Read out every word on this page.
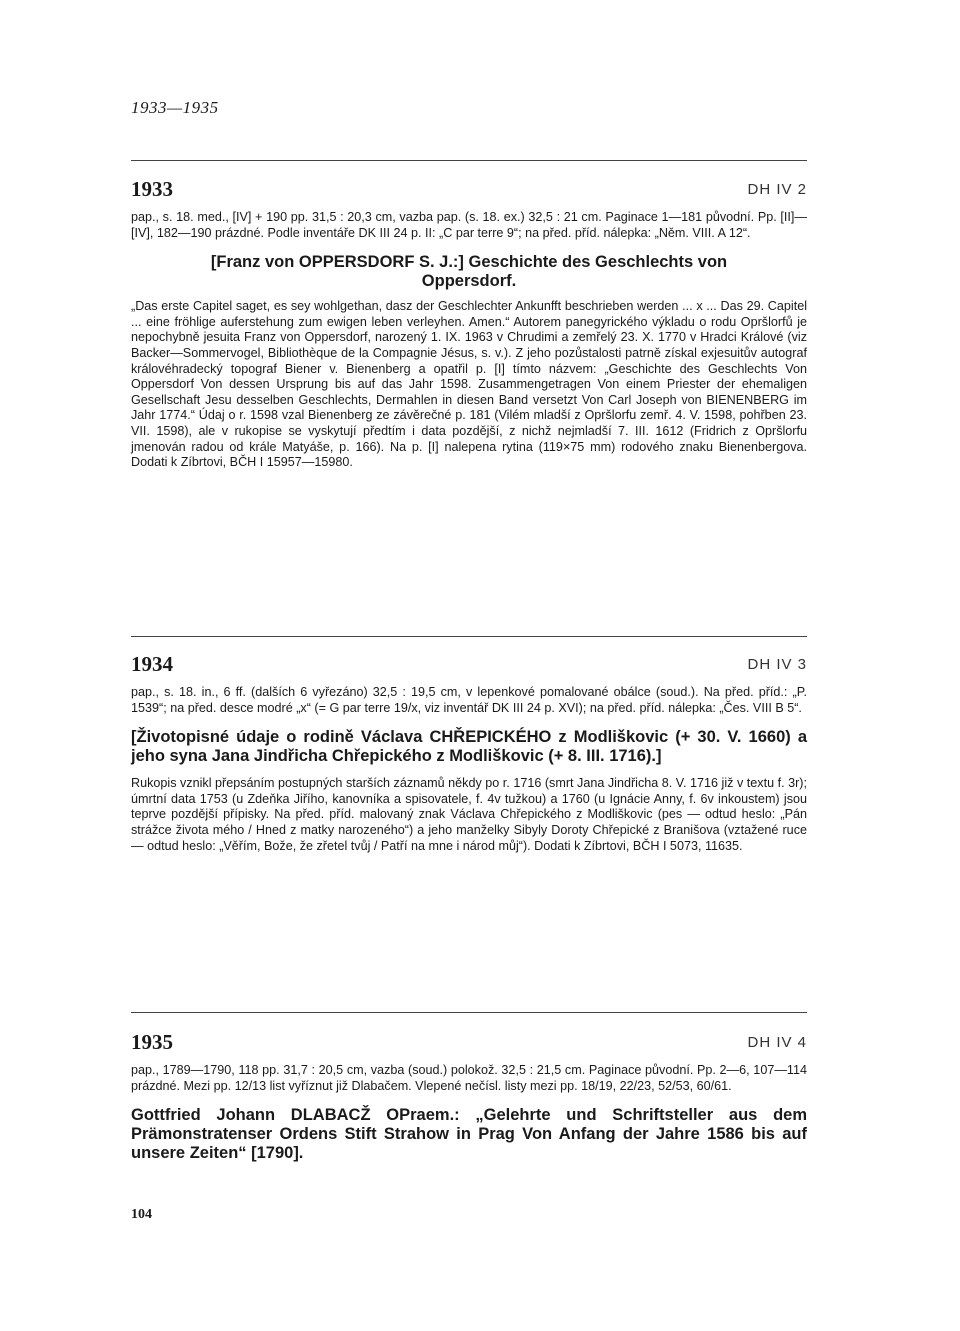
1933—1935
1933	DH IV 2

pap., s. 18. med., [IV] + 190 pp. 31,5 : 20,3 cm, vazba pap. (s. 18. ex.) 32,5 : 21 cm. Paginace 1—181 původní. Pp. [II]—[IV], 182—190 prázdné. Podle inventáře DK III 24 p. II: „C par terre 9“; na před. příd. nálepka: „Něm. VIII. A 12“.

[Franz von OPPERSDORF S. J.:] Geschichte des Geschlechts von Oppersdorf.

„Das erste Capitel saget, es sey wohlgethan, dasz der Geschlechter Ankunfft beschrieben werden ... x ... Das 29. Capitel ... eine fröhlige auferstehung zum ewigen leben verleyhen. Amen.“ Autorem panegyrického výkladu o rodu Opršlorfů je nepochybně jesuita Franz von Oppersdorf, narozený 1. IX. 1963 v Chrudimi a zemřelý 23. X. 1770 v Hradci Králové (viz Backer—Sommervogel, Bibliothèque de la Compagnie Jésus, s. v.). Z jeho pozůstalosti patrně získal exjesuitův autograf královéhradecký topograf Biener v. Bienenberg a opatřil p. [I] tímto názvem: „Geschichte des Geschlechts Von Oppersdorf Von dessen Ursprung bis auf das Jahr 1598. Zusammengetragen Von einem Priester der ehemaligen Gesellschaft Jesu desselben Geschlechts, Dermahlen in diesen Band versetzt Von Carl Joseph von BIENENBERG im Jahr 1774.“ Údaj o r. 1598 vzal Bienenberg ze závěrečné p. 181 (Vilém mladší z Opršlorfu zemř. 4. V. 1598, pohřben 23. VII. 1598), ale v rukopise se vyskytují předtím i data pozdější, z nichž nejmladší 7. III. 1612 (Fridrich z Opršlorfu jmenován radou od krále Matyáše, p. 166). Na p. [I] nalepena rytina (119×75 mm) rodového znaku Bienenbergova. Dodati k Zíbrtovi, BČH I 15957—15980.

1934	DH IV 3

pap., s. 18. in., 6 ff. (dalších 6 vyřezáno) 32,5 : 19,5 cm, v lepenkové pomalované obálce (soud.). Na před. příd.: „P. 1539“; na před. desce modré „x“ (= G par terre 19/x, viz inventář DK III 24 p. XVI); na před. příd. nálepka: „Čes. VIII B 5“.

[Životopisné údaje o rodině Václava CHŘEPICKÉHO z Modliškovic (+ 30. V. 1660) a jeho syna Jana Jindřicha Chřepického z Modliškovic (+ 8. III. 1716).]

Rukopis vznikl přepsáním postupných starších záznamů někdy po r. 1716 (smrt Jana Jindřicha 8. V. 1716 již v textu f. 3r); úmrtní data 1753 (u Zdeňka Jiřího, kanovníka a spisovatele, f. 4v tužkou) a 1760 (u Ignácie Anny, f. 6v inkoustem) jsou teprve pozdější přípisky. Na před. příd. malovaný znak Václava Chřepického z Modliškovic (pes — odtud heslo: „Pán strážce života mého / Hned z matky narozeného“) a jeho manželky Sibyly Doroty Chřepické z Branišova (vztažené ruce — odtud heslo: „Věřím, Bože, že zřetel tvůj / Patří na mne i národ můj“). Dodati k Zíbrtovi, BČH I 5073, 11635.

1935	DH IV 4

pap., 1789—1790, 118 pp. 31,7 : 20,5 cm, vazba (soud.) polokož. 32,5 : 21,5 cm. Paginace původní. Pp. 2—6, 107—114 prázdné. Mezi pp. 12/13 list vyříznut již Dlabačem. Vlepené nečísl. listy mezi pp. 18/19, 22/23, 52/53, 60/61.

Gottfried Johann DLABACŽ OPraem.: „Gelehrte und Schriftsteller aus dem Prämonstratenser Ordens Stift Strahow in Prag Von Anfang der Jahre 1586 bis auf unsere Zeiten“ [1790].

104
